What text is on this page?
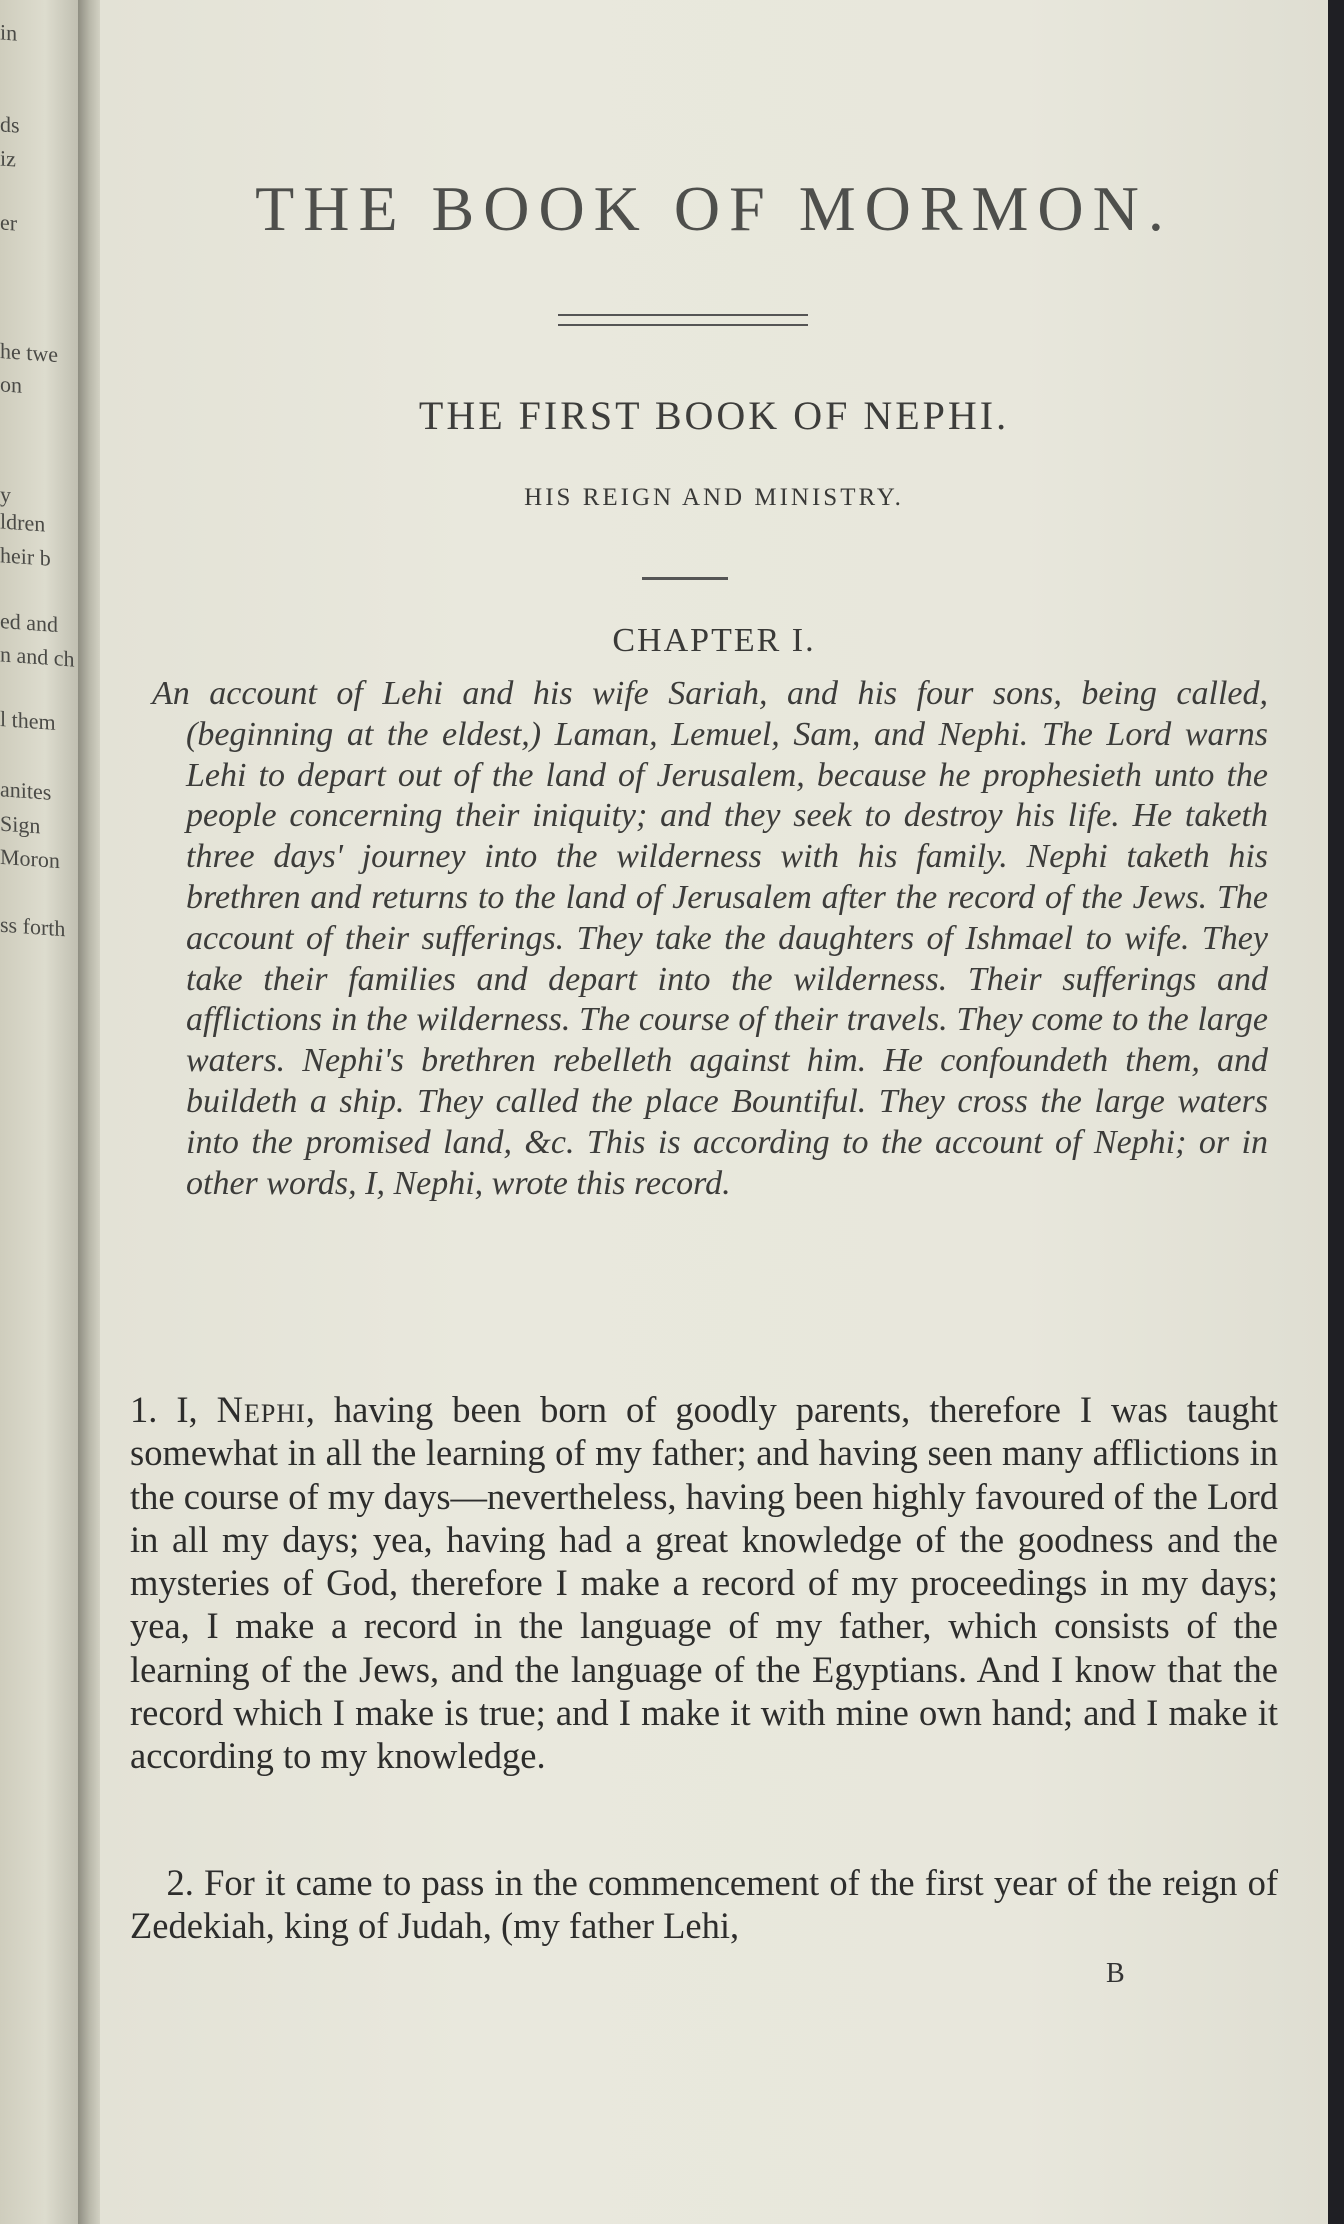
in
ds
iz
er
he twe
on
y
ldren
heir b
ed and
n and ch
l them
anites
Sign
Moron
ss forth
THE BOOK OF MORMON.
THE FIRST BOOK OF NEPHI.
HIS REIGN AND MINISTRY.
CHAPTER I.

An account of Lehi and his wife Sariah, and his four sons, being called, (beginning at the eldest,) Laman, Lemuel, Sam, and Nephi. The Lord warns Lehi to depart out of the land of Jerusalem, because he prophesieth unto the people concerning their iniquity; and they seek to destroy his life. He taketh three days' journey into the wilderness with his family. Nephi taketh his brethren and returns to the land of Jerusalem after the record of the Jews. The account of their sufferings. They take the daughters of Ishmael to wife. They take their families and depart into the wilderness. Their sufferings and afflictions in the wilderness. The course of their travels. They come to the large waters. Nephi's brethren rebelleth against him. He confoundeth them, and buildeth a ship. They called the place Bountiful. They cross the large waters into the promised land, &c. This is according to the account of Nephi; or in other words, I, Nephi, wrote this record.

1. I, Nephi, having been born of goodly parents, therefore I was taught somewhat in all the learning of my father; and having seen many afflictions in the course of my days—nevertheless, having been highly favoured of the Lord in all my days; yea, having had a great knowledge of the goodness and the mysteries of God, therefore I make a record of my proceedings in my days; yea, I make a record in the language of my father, which consists of the learning of the Jews, and the language of the Egyptians. And I know that the record which I make is true; and I make it with mine own hand; and I make it according to my knowledge.

 2. For it came to pass in the commencement of the first year of the reign of Zedekiah, king of Judah, (my father Lehi,

B
